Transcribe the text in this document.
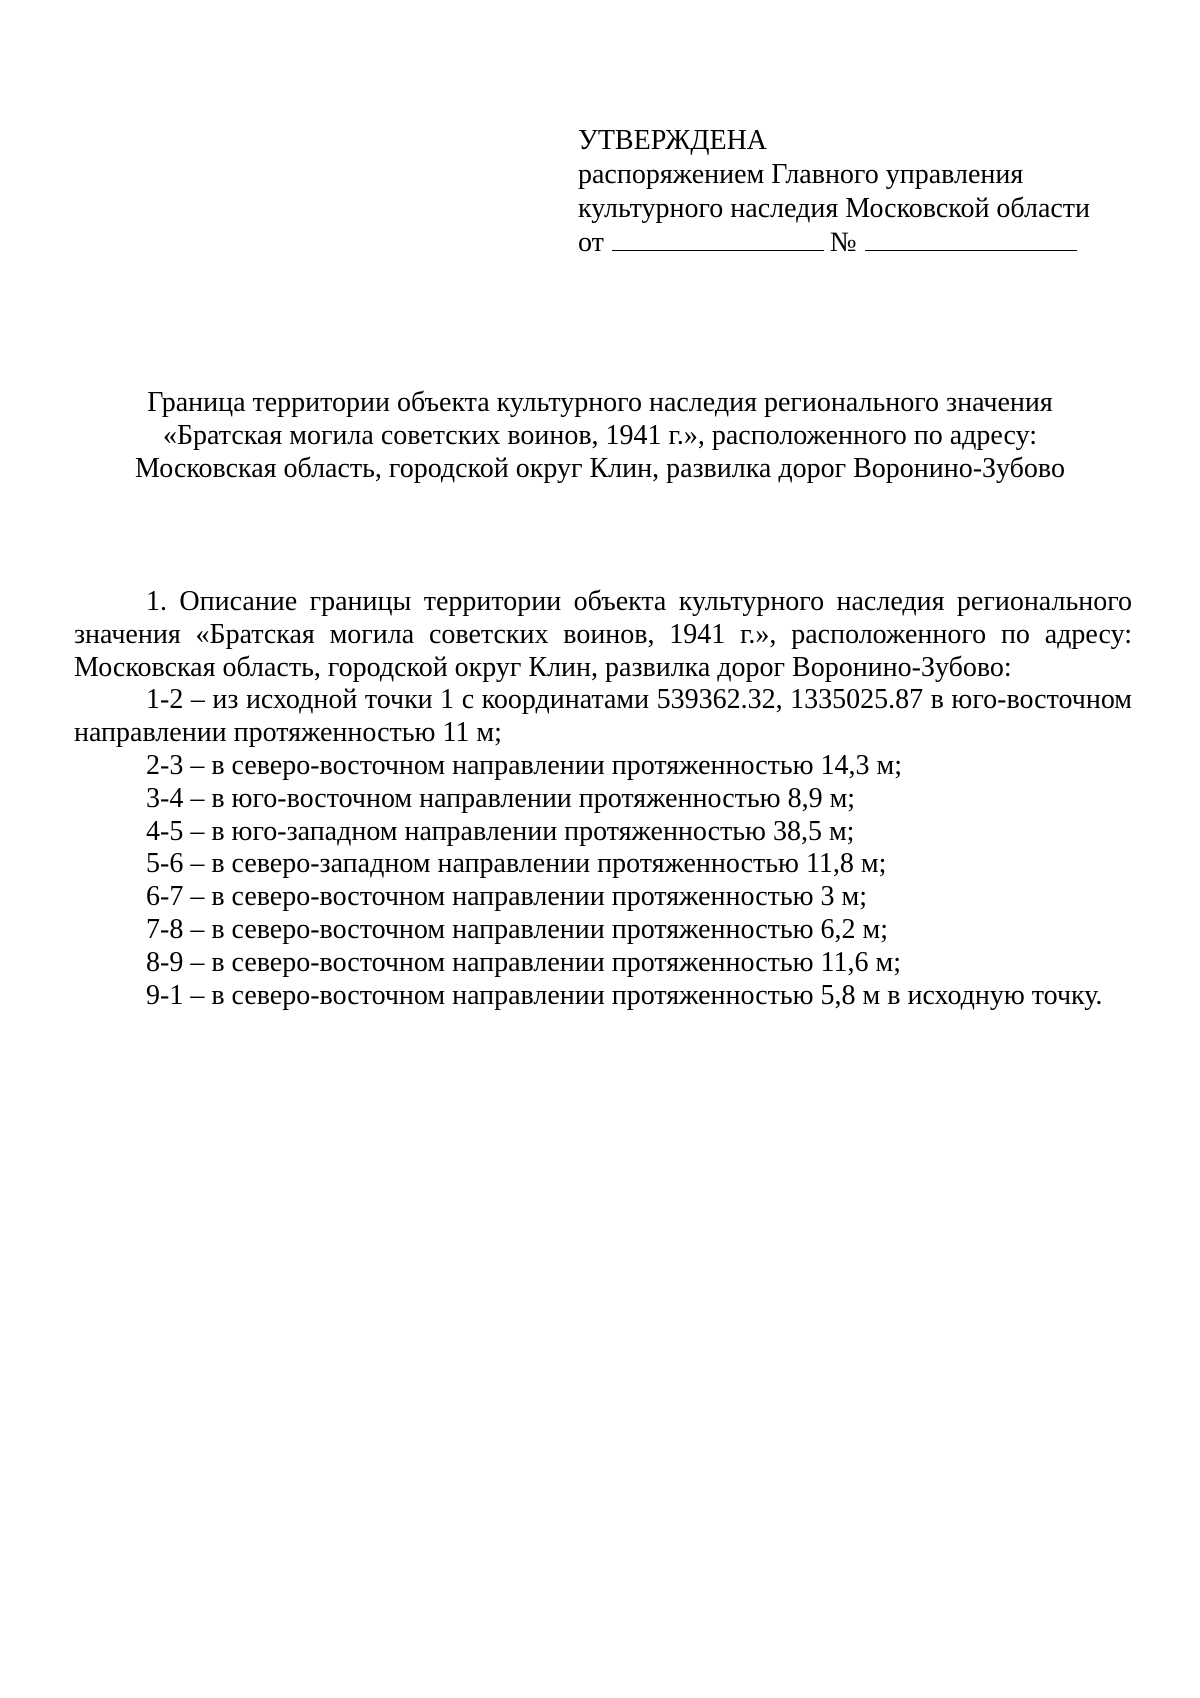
УТВЕРЖДЕНА
распоряжением Главного управления
культурного наследия Московской области
от	№
Граница территории объекта культурного наследия регионального значения
«Братская могила советских воинов, 1941 г.», расположенного по адресу:
Московская область, городской округ Клин, развилка дорог Воронино-Зубово

1. Описание границы территории объекта культурного наследия регионального значения «Братская могила советских воинов, 1941 г.», расположенного по адресу: Московская область, городской округ Клин, развилка дорог Воронино-Зубово:

1-2 – из исходной точки 1 с координатами 539362.32, 1335025.87 в юго-восточном направлении протяженностью 11 м;

2-3 – в северо-восточном направлении протяженностью 14,3 м;

3-4 – в юго-восточном направлении протяженностью 8,9 м;

4-5 – в юго-западном направлении протяженностью 38,5 м;

5-6 – в северо-западном направлении протяженностью 11,8 м;

6-7 – в северо-восточном направлении протяженностью 3 м;

7-8 – в северо-восточном направлении протяженностью 6,2 м;

8-9 – в северо-восточном направлении протяженностью 11,6 м;

9-1 – в северо-восточном направлении протяженностью 5,8 м в исходную точку.
